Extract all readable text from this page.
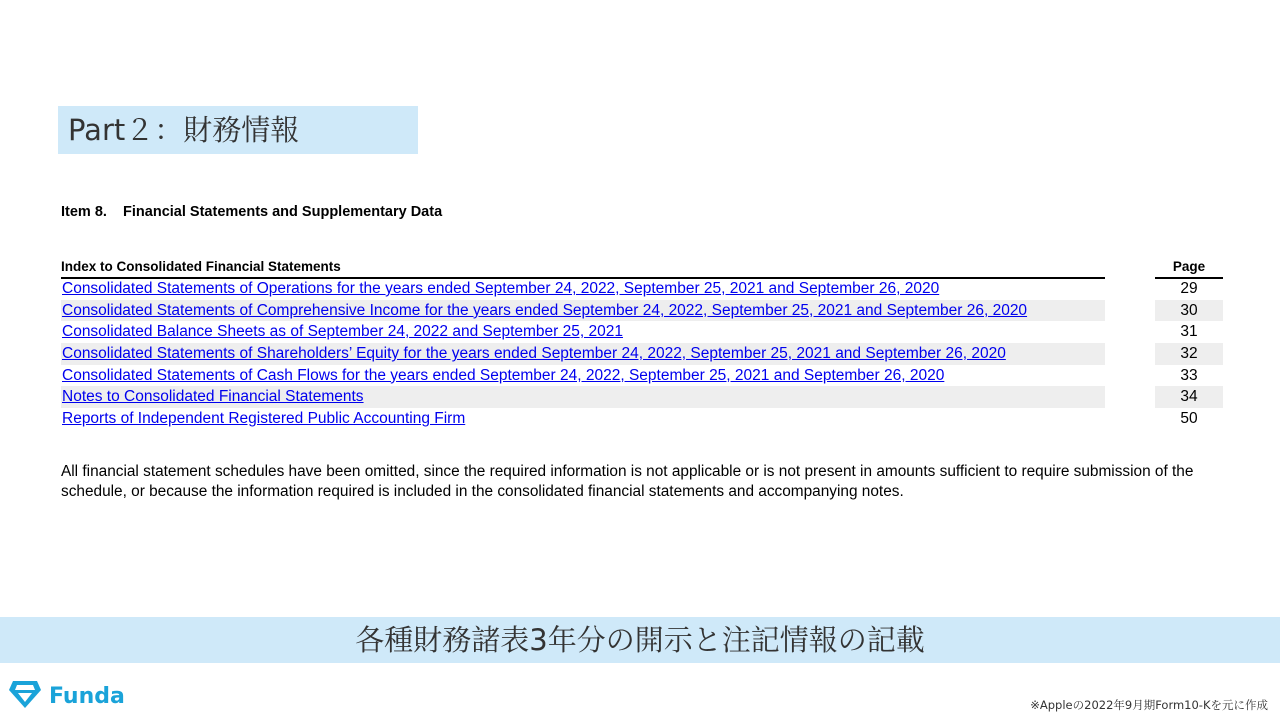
Part２：財務情報
Item 8.    Financial Statements and Supplementary Data
Index to Consolidated Financial Statements	Page
Consolidated Statements of Operations for the years ended September 24, 2022, September 25, 2021 and September 26, 2020	29
Consolidated Statements of Comprehensive Income for the years ended September 24, 2022, September 25, 2021 and September 26, 2020	30
Consolidated Balance Sheets as of September 24, 2022 and September 25, 2021	31
Consolidated Statements of Shareholders’ Equity for the years ended September 24, 2022, September 25, 2021 and September 26, 2020	32
Consolidated Statements of Cash Flows for the years ended September 24, 2022, September 25, 2021 and September 26, 2020	33
Notes to Consolidated Financial Statements	34
Reports of Independent Registered Public Accounting Firm	50
All financial statement schedules have been omitted, since the required information is not applicable or is not present in amounts sufficient to require submission of the schedule, or because the information required is included in the consolidated financial statements and accompanying notes.
各種財務諸表3年分の開示と注記情報の記載
Funda	※Appleの2022年9月期Form10-Kを元に作成
